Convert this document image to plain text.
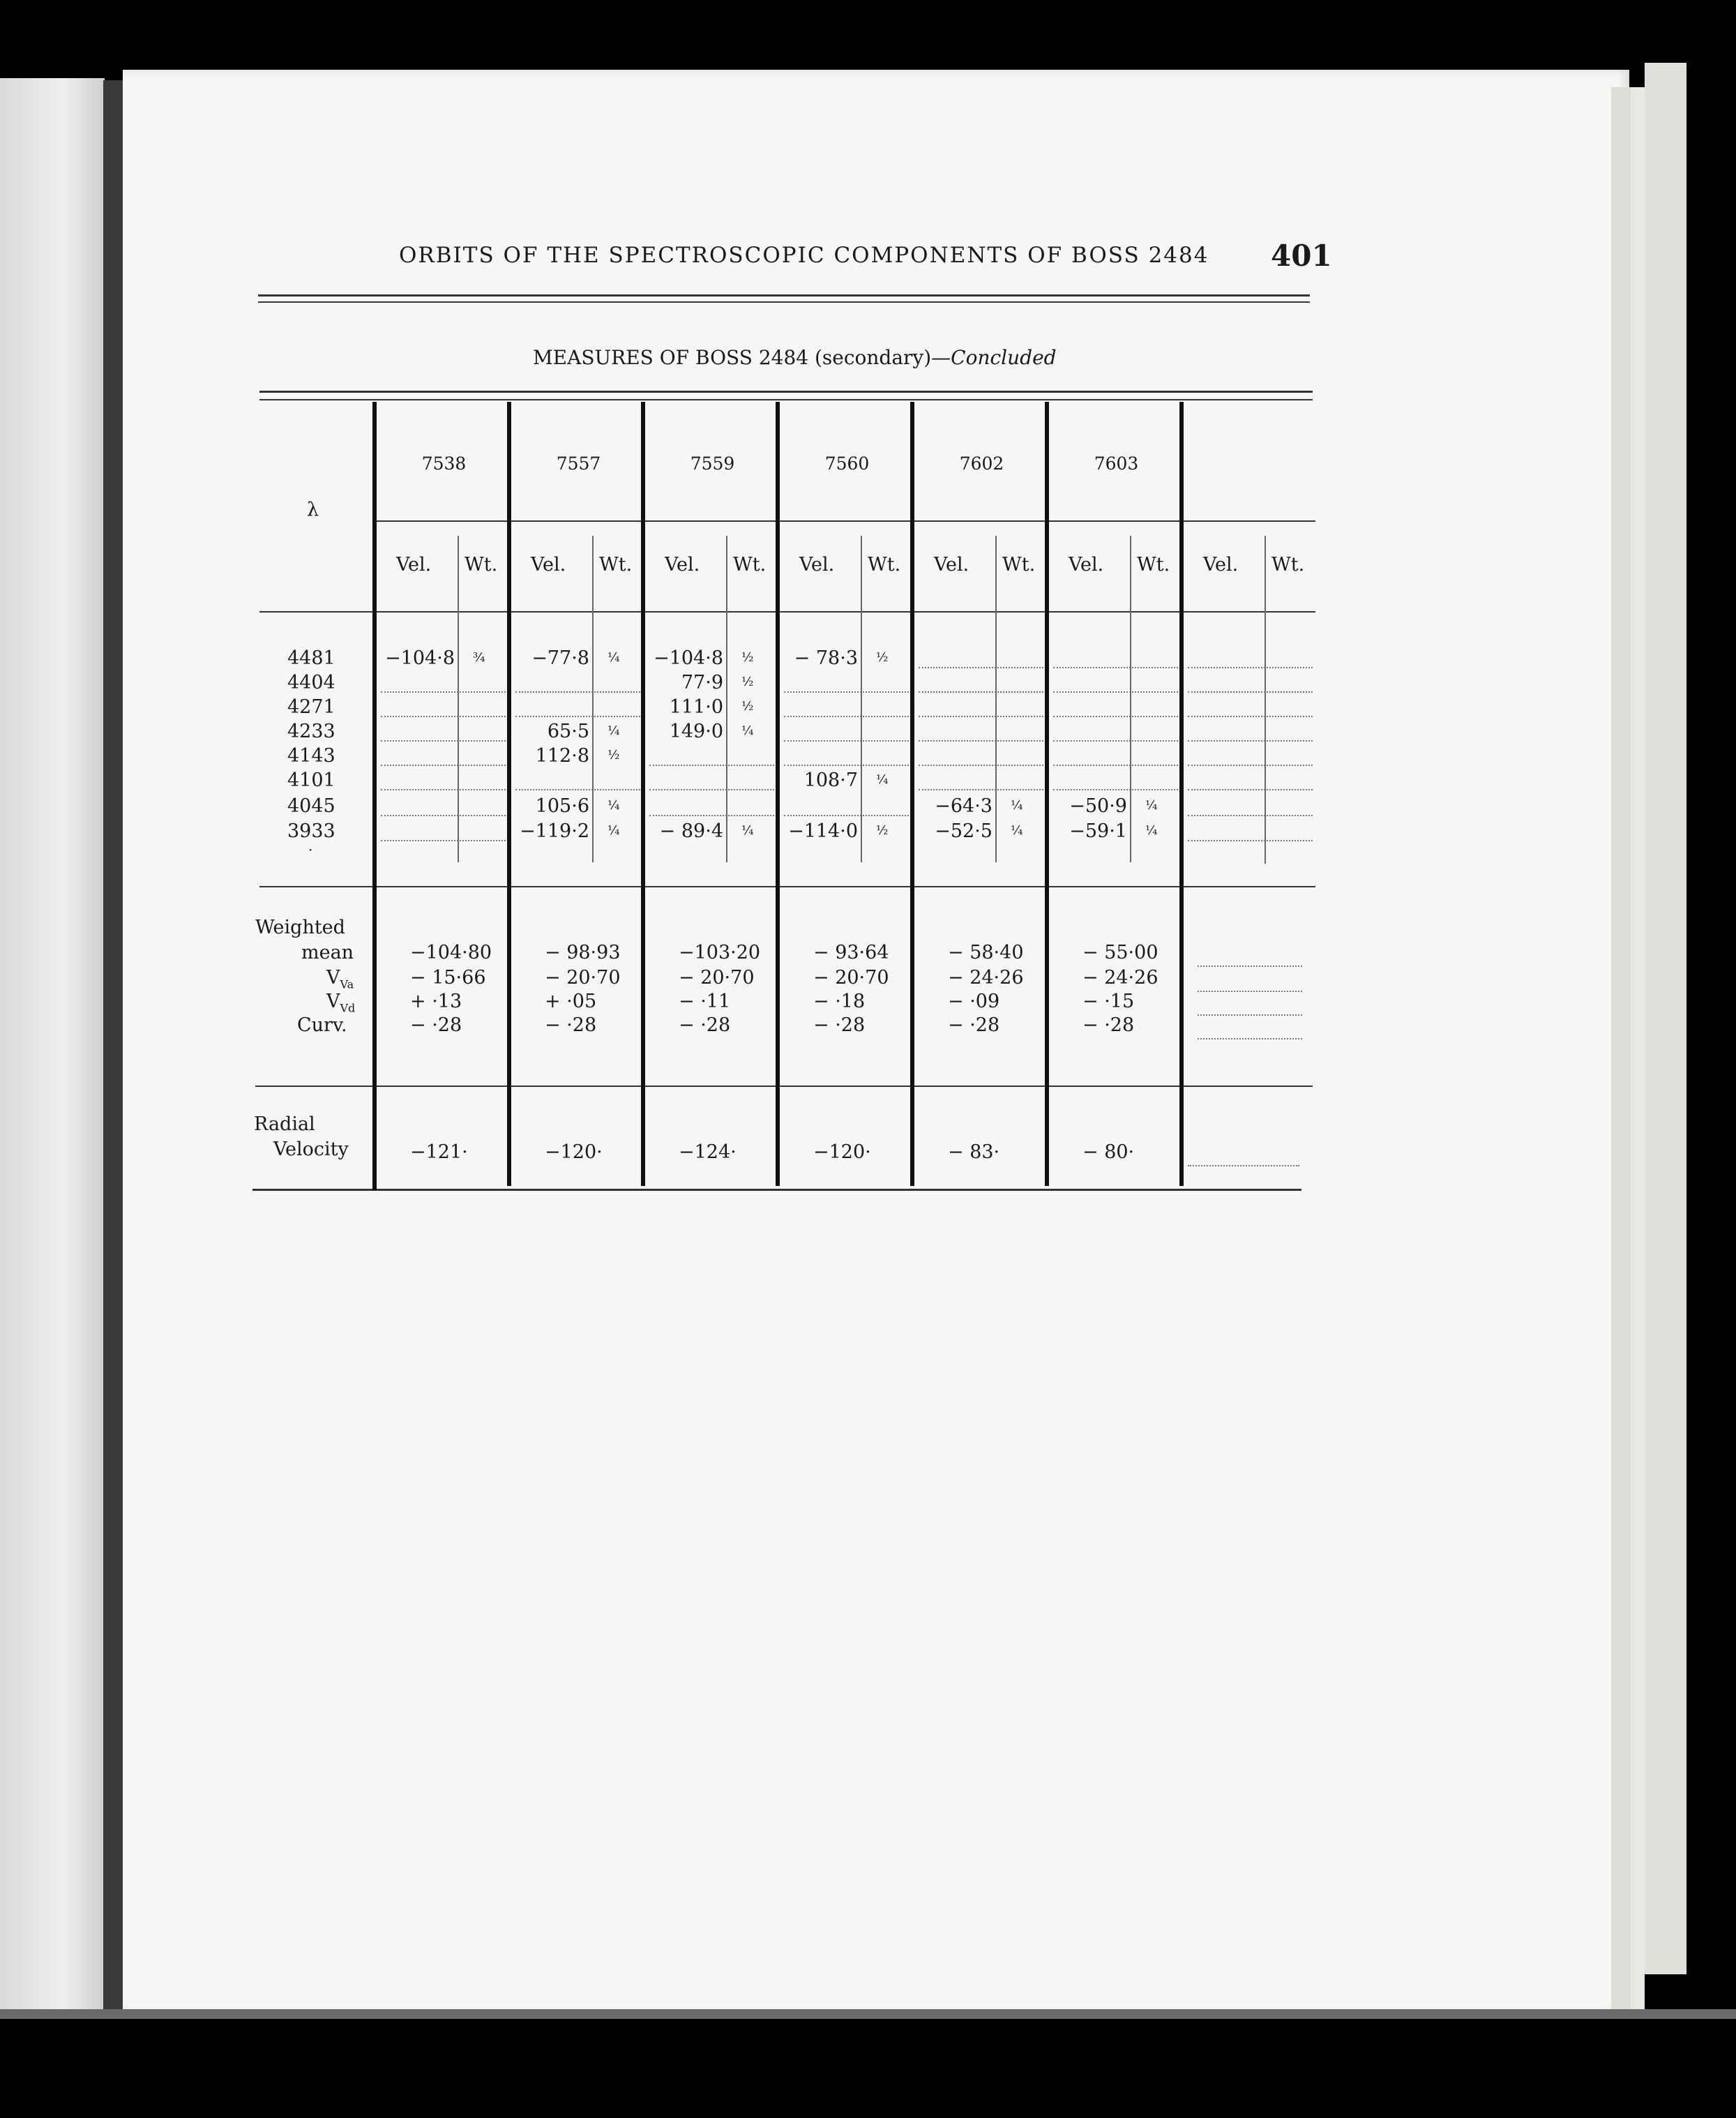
ORBITS OF THE SPECTROSCOPIC COMPONENTS OF BOSS 2484 401
MEASURES OF BOSS 2484 (secondary)—Concluded
λ
4481
4404
4271
4233
4143
4101
4045
3933
·
7538
Vel. Wt.
−104·8 ¾
−104·80
− 15·66
+ ·13
− ·28
−121·
7557
Vel. Wt.
−77·8 ¼
65·5 ¼
112·8 ½
105·6 ¼
−119·2 ¼
− 98·93
− 20·70
+ ·05
− ·28
−120·
7559
Vel. Wt.
−104·8 ½
77·9 ½
111·0 ½
149·0 ¼
− 89·4 ¼
−103·20
− 20·70
− ·11
− ·28
−124·
7560
Vel. Wt.
− 78·3 ½
108·7 ¼
−114·0 ½
− 93·64
− 20·70
− ·18
− ·28
−120·
7602
Vel. Wt.
−64·3 ¼
−52·5 ¼
− 58·40
− 24·26
− ·09
− ·28
− 83·
7603
Vel. Wt.
−50·9 ¼
−59·1 ¼
− 55·00
− 24·26
− ·15
− ·28
− 80·
Vel. Wt.
Weighted
mean
$V_{Va}$
$V_{Vd}$
Curv.
Radial
Velocity
